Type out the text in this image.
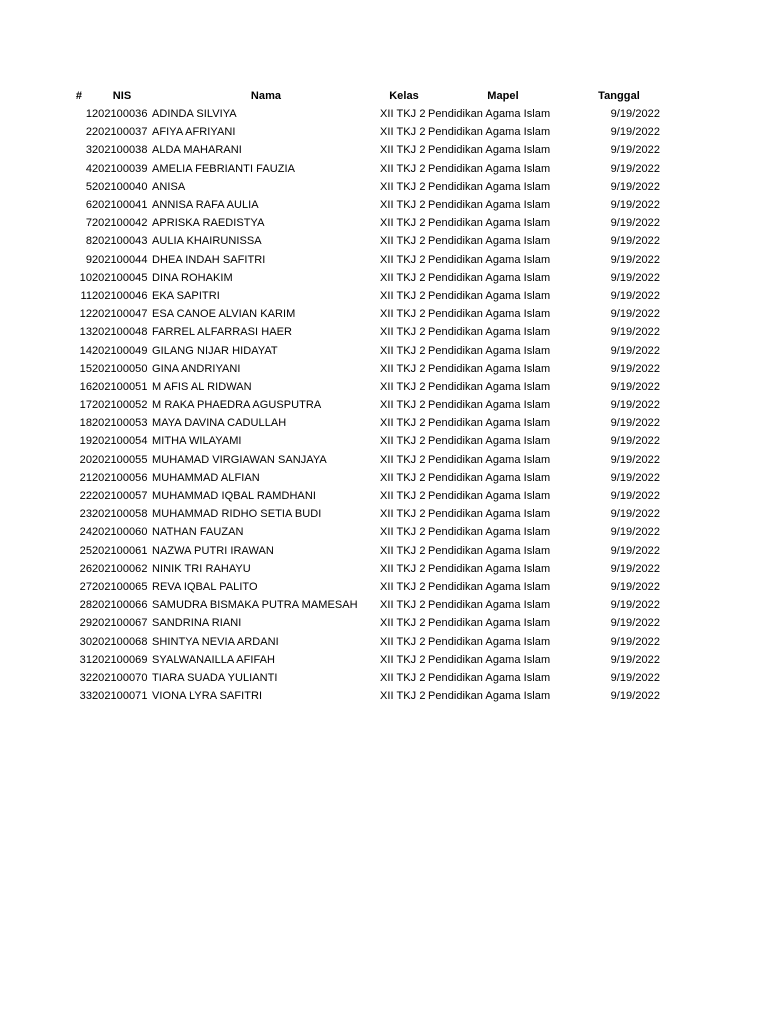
#	NIS	Nama	Kelas	Mapel	Tanggal
1	202100036	ADINDA SILVIYA	XII TKJ 2	Pendidikan Agama Islam	9/19/2022
2	202100037	AFIYA AFRIYANI	XII TKJ 2	Pendidikan Agama Islam	9/19/2022
3	202100038	ALDA MAHARANI	XII TKJ 2	Pendidikan Agama Islam	9/19/2022
4	202100039	AMELIA FEBRIANTI FAUZIA	XII TKJ 2	Pendidikan Agama Islam	9/19/2022
5	202100040	ANISA	XII TKJ 2	Pendidikan Agama Islam	9/19/2022
6	202100041	ANNISA RAFA AULIA	XII TKJ 2	Pendidikan Agama Islam	9/19/2022
7	202100042	APRISKA RAEDISTYA	XII TKJ 2	Pendidikan Agama Islam	9/19/2022
8	202100043	AULIA KHAIRUNISSA	XII TKJ 2	Pendidikan Agama Islam	9/19/2022
9	202100044	DHEA INDAH SAFITRI	XII TKJ 2	Pendidikan Agama Islam	9/19/2022
10	202100045	DINA ROHAKIM	XII TKJ 2	Pendidikan Agama Islam	9/19/2022
11	202100046	EKA SAPITRI	XII TKJ 2	Pendidikan Agama Islam	9/19/2022
12	202100047	ESA CANOE ALVIAN KARIM	XII TKJ 2	Pendidikan Agama Islam	9/19/2022
13	202100048	FARREL ALFARRASI HAER	XII TKJ 2	Pendidikan Agama Islam	9/19/2022
14	202100049	GILANG NIJAR HIDAYAT	XII TKJ 2	Pendidikan Agama Islam	9/19/2022
15	202100050	GINA ANDRIYANI	XII TKJ 2	Pendidikan Agama Islam	9/19/2022
16	202100051	M AFIS AL RIDWAN	XII TKJ 2	Pendidikan Agama Islam	9/19/2022
17	202100052	M RAKA PHAEDRA AGUSPUTRA	XII TKJ 2	Pendidikan Agama Islam	9/19/2022
18	202100053	MAYA DAVINA CADULLAH	XII TKJ 2	Pendidikan Agama Islam	9/19/2022
19	202100054	MITHA WILAYAMI	XII TKJ 2	Pendidikan Agama Islam	9/19/2022
20	202100055	MUHAMAD VIRGIAWAN SANJAYA	XII TKJ 2	Pendidikan Agama Islam	9/19/2022
21	202100056	MUHAMMAD ALFIAN	XII TKJ 2	Pendidikan Agama Islam	9/19/2022
22	202100057	MUHAMMAD IQBAL RAMDHANI	XII TKJ 2	Pendidikan Agama Islam	9/19/2022
23	202100058	MUHAMMAD RIDHO SETIA BUDI	XII TKJ 2	Pendidikan Agama Islam	9/19/2022
24	202100060	NATHAN FAUZAN	XII TKJ 2	Pendidikan Agama Islam	9/19/2022
25	202100061	NAZWA PUTRI IRAWAN	XII TKJ 2	Pendidikan Agama Islam	9/19/2022
26	202100062	NINIK TRI RAHAYU	XII TKJ 2	Pendidikan Agama Islam	9/19/2022
27	202100065	REVA IQBAL PALITO	XII TKJ 2	Pendidikan Agama Islam	9/19/2022
28	202100066	SAMUDRA BISMAKA PUTRA MAMESAH	XII TKJ 2	Pendidikan Agama Islam	9/19/2022
29	202100067	SANDRINA RIANI	XII TKJ 2	Pendidikan Agama Islam	9/19/2022
30	202100068	SHINTYA NEVIA ARDANI	XII TKJ 2	Pendidikan Agama Islam	9/19/2022
31	202100069	SYALWANAILLA AFIFAH	XII TKJ 2	Pendidikan Agama Islam	9/19/2022
32	202100070	TIARA SUADA YULIANTI	XII TKJ 2	Pendidikan Agama Islam	9/19/2022
33	202100071	VIONA LYRA SAFITRI	XII TKJ 2	Pendidikan Agama Islam	9/19/2022
